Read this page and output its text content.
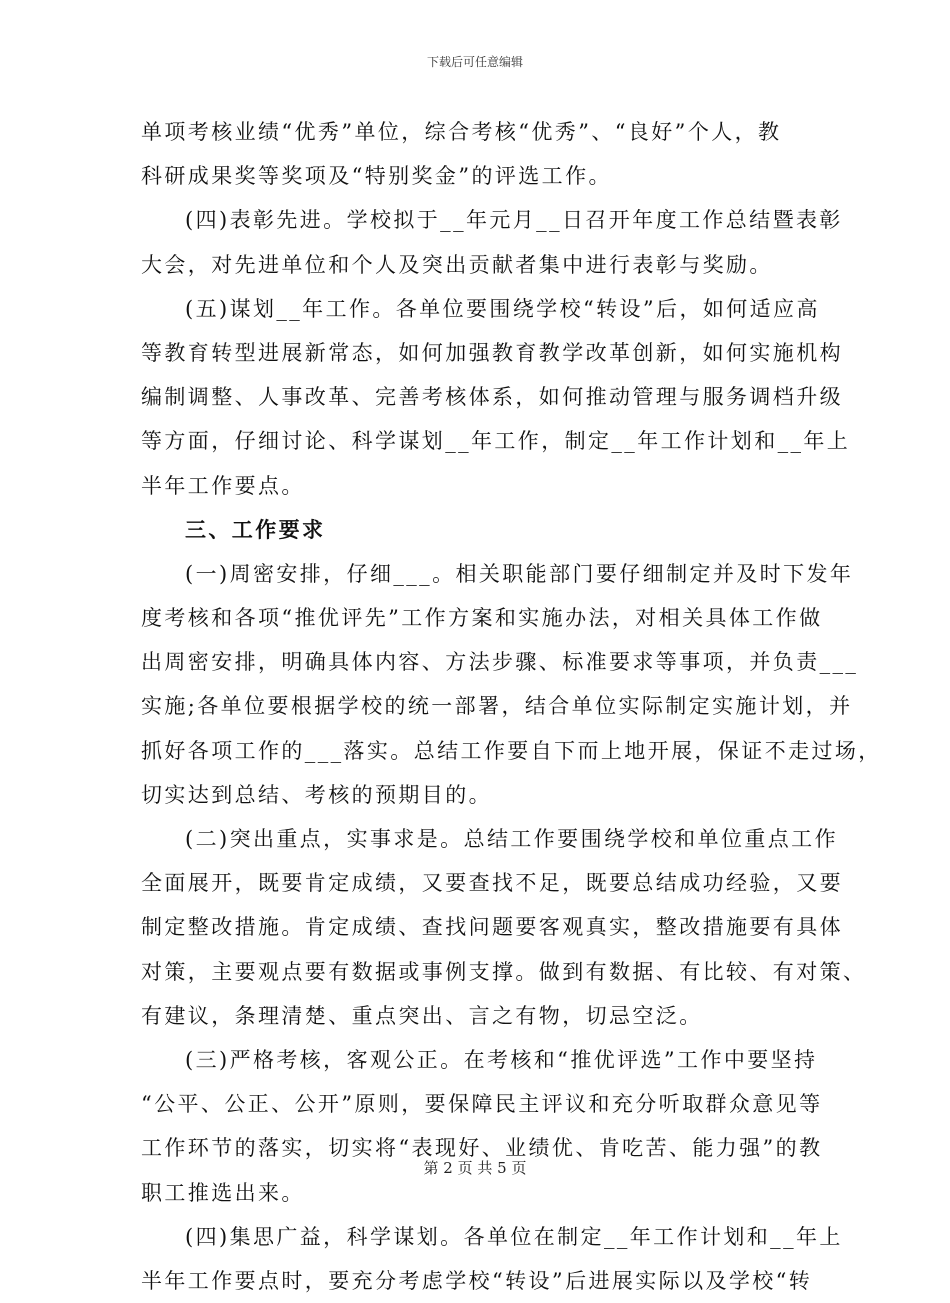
下载后可任意编辑
单项考核业绩“优秀”单位，综合考核“优秀”、“良好”个人，教
科研成果奖等奖项及“特别奖金”的评选工作。
(四)表彰先进。学校拟于__年元月__日召开年度工作总结暨表彰
大会，对先进单位和个人及突出贡献者集中进行表彰与奖励。
(五)谋划__年工作。各单位要围绕学校“转设”后，如何适应高
等教育转型进展新常态，如何加强教育教学改革创新，如何实施机构
编制调整、人事改革、完善考核体系，如何推动管理与服务调档升级
等方面，仔细讨论、科学谋划__年工作，制定__年工作计划和__年上
半年工作要点。
三、工作要求
(一)周密安排，仔细___。相关职能部门要仔细制定并及时下发年
度考核和各项“推优评先”工作方案和实施办法，对相关具体工作做
出周密安排，明确具体内容、方法步骤、标准要求等事项，并负责___
实施;各单位要根据学校的统一部署，结合单位实际制定实施计划，并
抓好各项工作的___落实。总结工作要自下而上地开展，保证不走过场，
切实达到总结、考核的预期目的。
(二)突出重点，实事求是。总结工作要围绕学校和单位重点工作
全面展开，既要肯定成绩，又要查找不足，既要总结成功经验，又要
制定整改措施。肯定成绩、查找问题要客观真实，整改措施要有具体
对策，主要观点要有数据或事例支撑。做到有数据、有比较、有对策、
有建议，条理清楚、重点突出、言之有物，切忌空泛。
(三)严格考核，客观公正。在考核和“推优评选”工作中要坚持
“公平、公正、公开”原则，要保障民主评议和充分听取群众意见等
工作环节的落实，切实将“表现好、业绩优、肯吃苦、能力强”的教
职工推选出来。
(四)集思广益，科学谋划。各单位在制定__年工作计划和__年上
半年工作要点时，要充分考虑学校“转设”后进展实际以及学校“转
第 2 页 共 5 页
